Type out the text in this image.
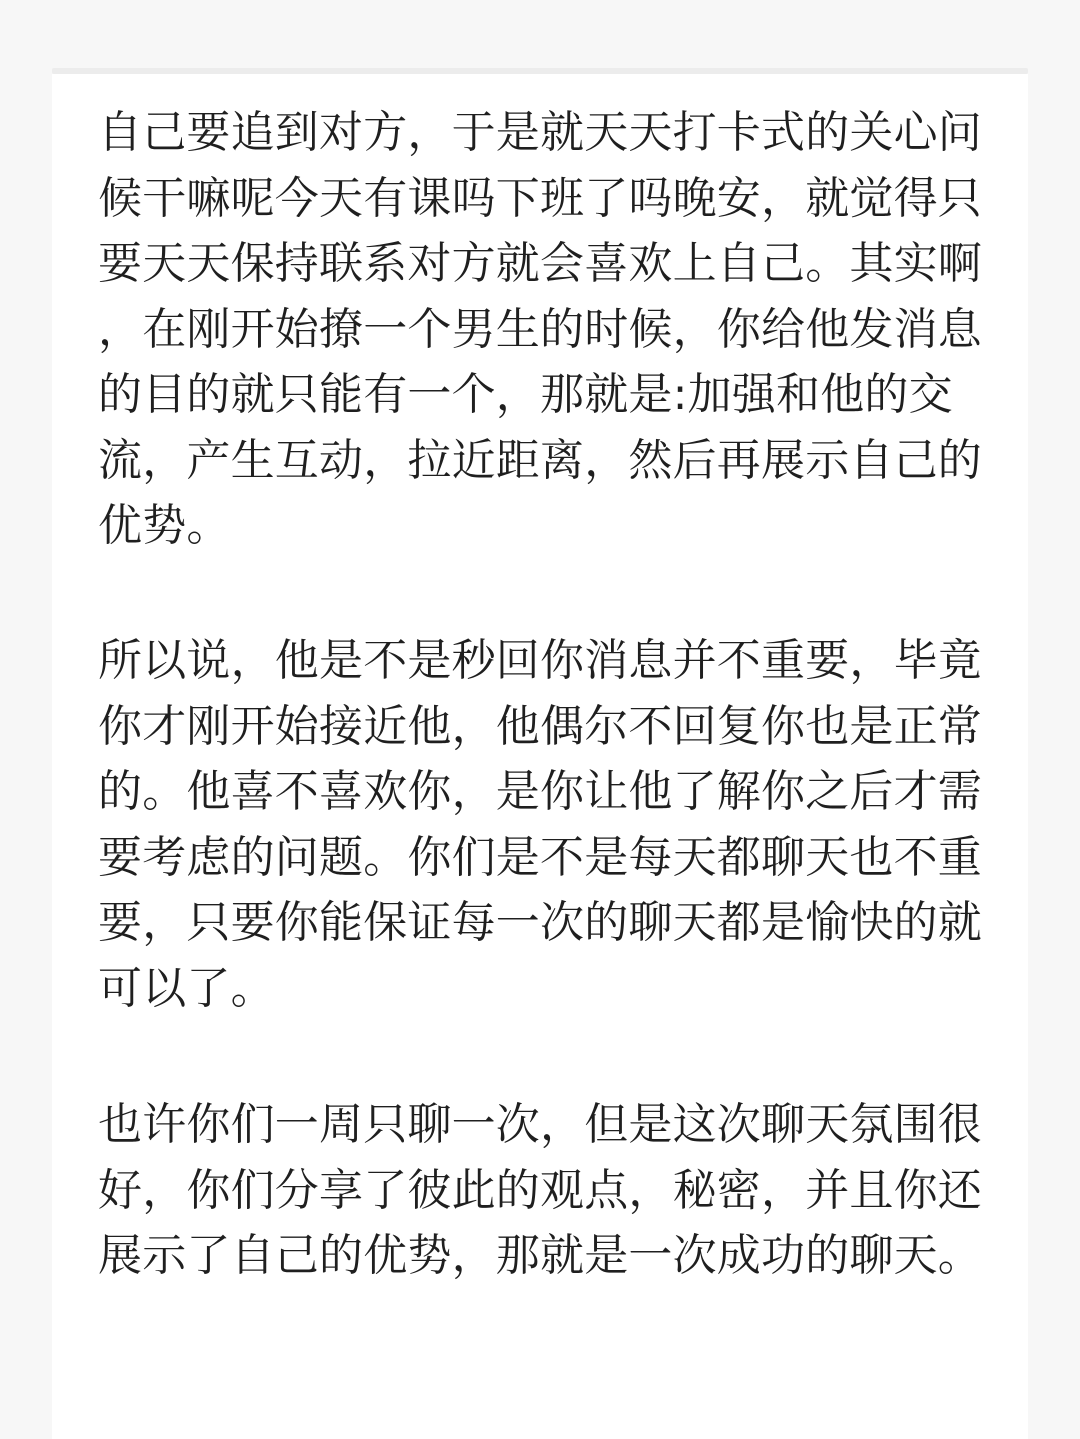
自己要追到对方，于是就天天打卡式的关心问候干嘛呢今天有课吗下班了吗晚安，就觉得只要天天保持联系对方就会喜欢上自己。其实啊，在刚开始撩一个男生的时候，你给他发消息的目的就只能有一个，那就是:加强和他的交流，产生互动，拉近距离，然后再展示自己的优势。

所以说，他是不是秒回你消息并不重要，毕竟你才刚开始接近他，他偶尔不回复你也是正常的。他喜不喜欢你，是你让他了解你之后才需要考虑的问题。你们是不是每天都聊天也不重要，只要你能保证每一次的聊天都是愉快的就可以了。

也许你们一周只聊一次，但是这次聊天氛围很好，你们分享了彼此的观点，秘密，并且你还展示了自己的优势，那就是一次成功的聊天。
